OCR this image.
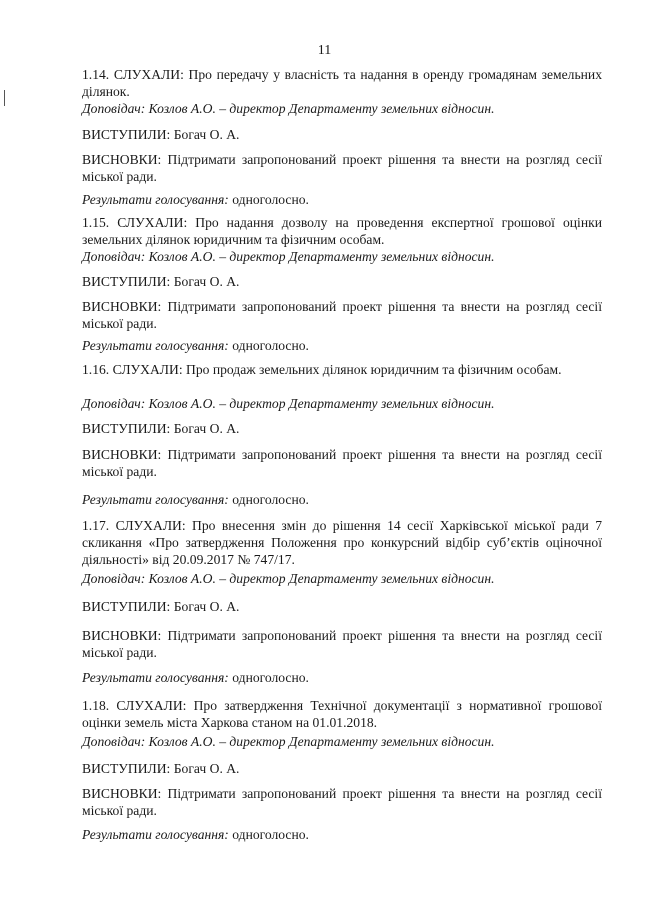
11
1.14. СЛУХАЛИ: Про передачу у власність та надання в оренду громадянам земельних ділянок.
Доповідач: Козлов А.О. – директор Департаменту земельних відносин.
ВИСТУПИЛИ: Богач О. А.
ВИСНОВКИ: Підтримати запропонований проект рішення та внести на розгляд сесії міської ради.
Результати голосування: одноголосно.
1.15. СЛУХАЛИ: Про надання дозволу на проведення експертної грошової оцінки земельних ділянок юридичним та фізичним особам.
Доповідач: Козлов А.О. – директор Департаменту земельних відносин.
ВИСТУПИЛИ: Богач О. А.
ВИСНОВКИ: Підтримати запропонований проект рішення та внести на розгляд сесії міської ради.
Результати голосування: одноголосно.
1.16. СЛУХАЛИ: Про продаж земельних ділянок юридичним та фізичним особам.
Доповідач: Козлов А.О. – директор Департаменту земельних відносин.
ВИСТУПИЛИ: Богач О. А.
ВИСНОВКИ: Підтримати запропонований проект рішення та внести на розгляд сесії міської ради.
Результати голосування: одноголосно.
1.17. СЛУХАЛИ: Про внесення змін до рішення 14 сесії Харківської міської ради 7 скликання «Про затвердження Положення про конкурсний відбір суб’єктів оціночної діяльності» від 20.09.2017 № 747/17.
Доповідач: Козлов А.О. – директор Департаменту земельних відносин.
ВИСТУПИЛИ: Богач О. А.
ВИСНОВКИ: Підтримати запропонований проект рішення та внести на розгляд сесії міської ради.
Результати голосування: одноголосно.
1.18. СЛУХАЛИ: Про затвердження Технічної документації з нормативної грошової оцінки земель міста Харкова станом на 01.01.2018.
Доповідач: Козлов А.О. – директор Департаменту земельних відносин.
ВИСТУПИЛИ: Богач О. А.
ВИСНОВКИ: Підтримати запропонований проект рішення та внести на розгляд сесії міської ради.
Результати голосування: одноголосно.
